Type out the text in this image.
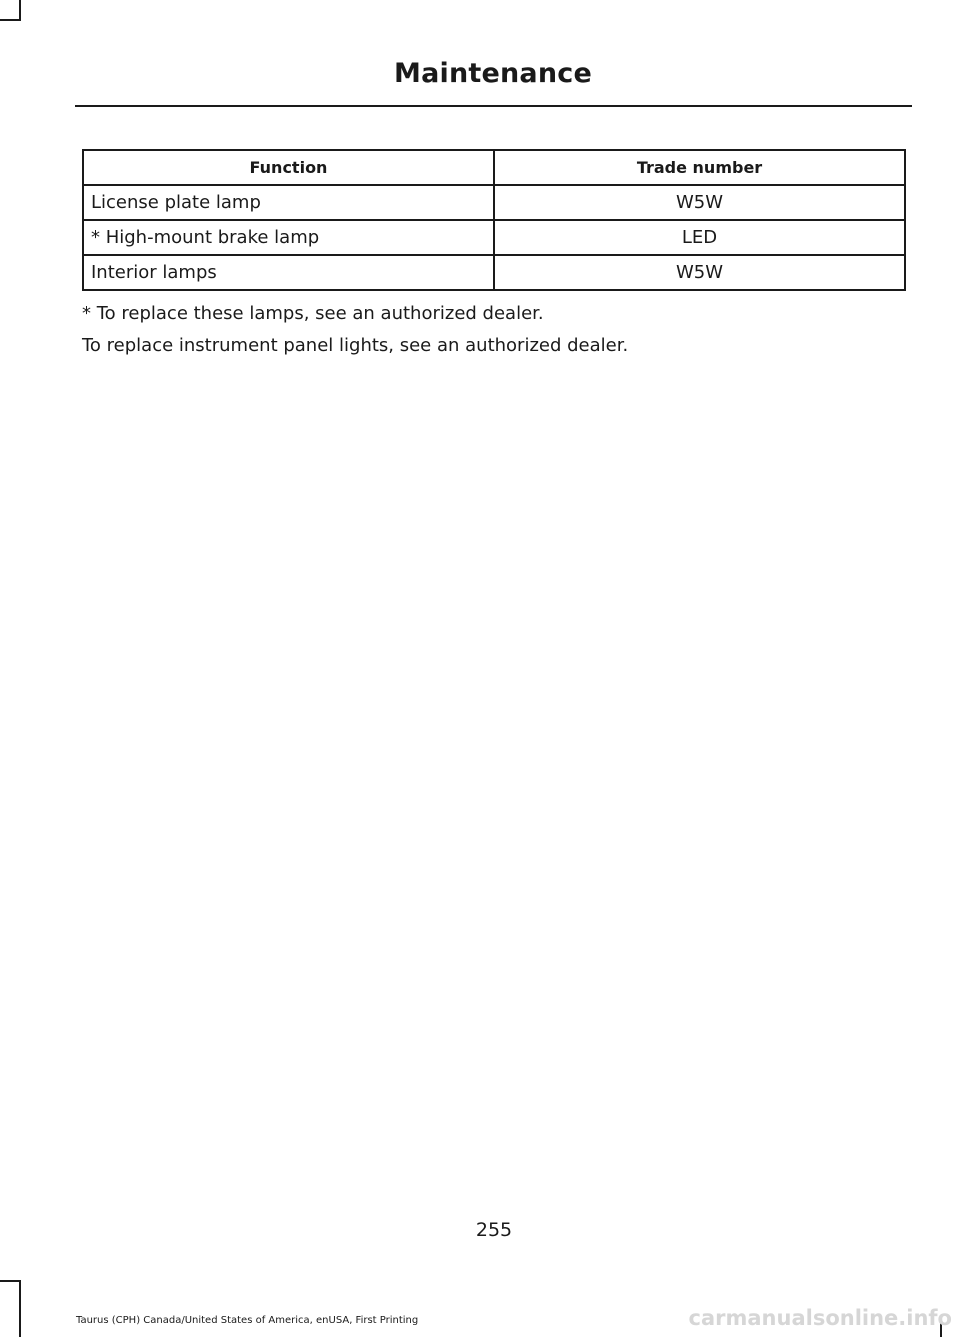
Maintenance
Function	Trade number
License plate lamp	W5W
* High-mount brake lamp	LED
Interior lamps	W5W
* To replace these lamps, see an authorized dealer.
To replace instrument panel lights, see an authorized dealer.
255
Taurus (CPH) Canada/United States of America, enUSA, First Printing	carmanualsonline.info
